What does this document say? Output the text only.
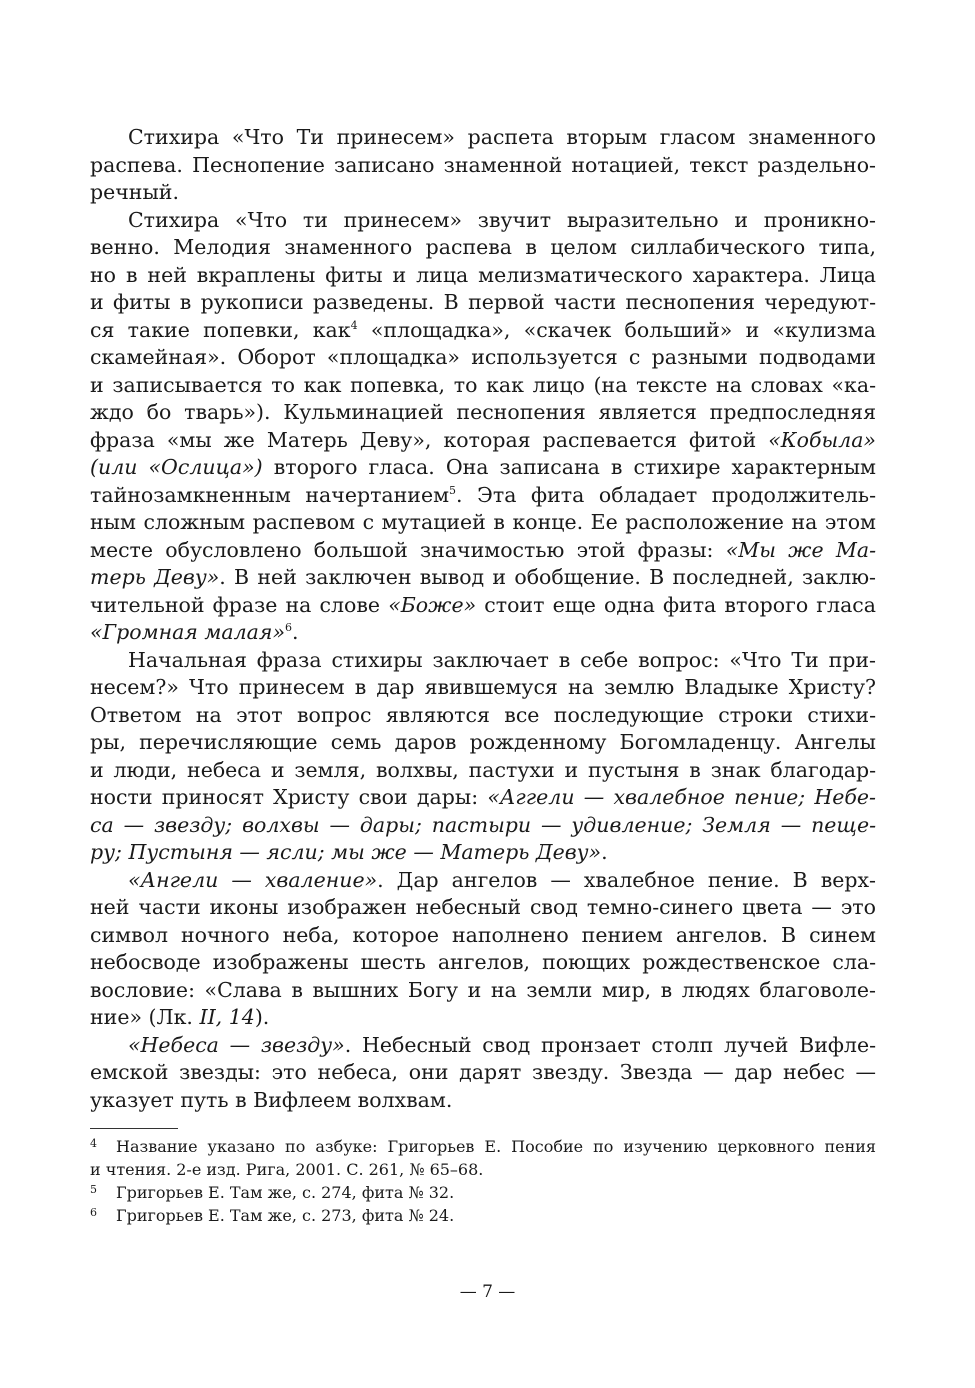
Стихира «Что Ти принесем» распета вторым гласом знаменного
распева. Песнопение записано знаменной нотацией, текст раздельно-
речный.

Стихира «Что ти принесем» звучит выразительно и проникно-
венно. Мелодия знаменного распева в целом силлабического типа,
но в ней вкраплены фиты и лица мелизматического характера. Лица
и фиты в рукописи разведены. В первой части песнопения чередуют-
ся такие попевки, как$^4$ «площадка», «скачек больший» и «кулизма
скамейная». Оборот «площадка» используется с разными подводами
и записывается то как попевка, то как лицо (на тексте на словах «ка-
ждо бо тварь»). Кульминацией песнопения является предпоследняя
фраза «мы же Матерь Деву», которая распевается фитой «Кобыла»
(или «Ослица») второго гласа. Она записана в стихире характерным
тайнозамкненным начертанием$^5$. Эта фита обладает продолжитель-
ным сложным распевом с мутацией в конце. Ее расположение на этом
месте обусловлено большой значимостью этой фразы: «Мы же Ма-
терь Деву». В ней заключен вывод и обобщение. В последней, заклю-
чительной фразе на слове «Боже» стоит еще одна фита второго гласа
«Громная малая»$^6$.

Начальная фраза стихиры заключает в себе вопрос: «Что Ти при-
несем?» Что принесем в дар явившемуся на землю Владыке Христу?
Ответом на этот вопрос являются все последующие строки стихи-
ры, перечисляющие семь даров рожденному Богомладенцу. Ангелы
и люди, небеса и земля, волхвы, пастухи и пустыня в знак благодар-
ности приносят Христу свои дары: «Аггели — хвалебное пение; Небе-
са — звезду; волхвы — дары; пастыри — удивление; Земля — пеще-
ру; Пустыня — ясли; мы же — Матерь Деву».

«Ангели — хваление». Дар ангелов — хвалебное пение. В верх-
ней части иконы изображен небесный свод темно-синего цвета — это
символ ночного неба, которое наполнено пением ангелов. В синем
небосводе изображены шесть ангелов, поющих рождественское сла-
вословие: «Слава в вышних Богу и на земли мир, в людях благоволе-
ние» (Лк. II, 14).

«Небеса — звезду». Небесный свод пронзает столп лучей Вифле-
емской звезды: это небеса, они дарят звезду. Звезда — дар небес —
указует путь в Вифлеем волхвам.

4	Название указано по азбуке: Григорьев Е. Пособие по изучению церковного пения
и чтения. 2-е изд. Рига, 2001. С. 261, № 65–68.
5	Григорьев Е. Там же, с. 274, фита № 32.
6	Григорьев Е. Там же, с. 273, фита № 24.
— 7 —
